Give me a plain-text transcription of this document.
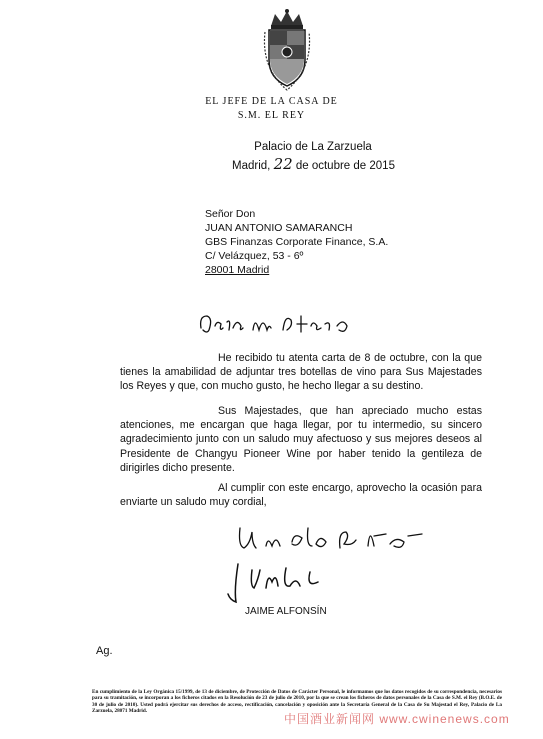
EL JEFE DE LA CASA DE
S.M. EL REY
Palacio de La Zarzuela
Madrid, 22 de octubre de 2015
Señor Don
JUAN ANTONIO SAMARANCH
GBS Finanzas Corporate Finance, S.A.
C/ Velázquez, 53 - 6º
28001 Madrid
He recibido tu atenta carta de 8 de octubre, con la que tienes la amabilidad de adjuntar tres botellas de vino para Sus Majestades los Reyes y que, con mucho gusto, he hecho llegar a su destino.
Sus Majestades, que han apreciado mucho estas atenciones, me encargan que haga llegar, por tu intermedio, su sincero agradecimiento junto con un saludo muy afectuoso y sus mejores deseos al Presidente de Changyu Pioneer Wine por haber tenido la gentileza de dirigirles dicho presente.
Al cumplir con este encargo, aprovecho la ocasión para enviarte un saludo muy cordial,
JAIME ALFONSÍN
Ag.
En cumplimiento de la Ley Orgánica 15/1999, de 13 de diciembre, de Protección de Datos de Carácter Personal, le informamos que los datos recogidos de su correspondencia, necesarios para su tramitación, se incorporan a los ficheros citados en la Resolución de 23 de julio de 2010, por la que se crean los ficheros de datos personales de la Casa de S.M. el Rey (B.O.E. de 30 de julio de 2010). Usted podrá ejercitar sus derechos de acceso, rectificación, cancelación y oposición ante la Secretaría General de la Casa de Su Majestad el Rey, Palacio de La Zarzuela, 28071 Madrid.
中国酒业新闻网 www.cwinenews.com
